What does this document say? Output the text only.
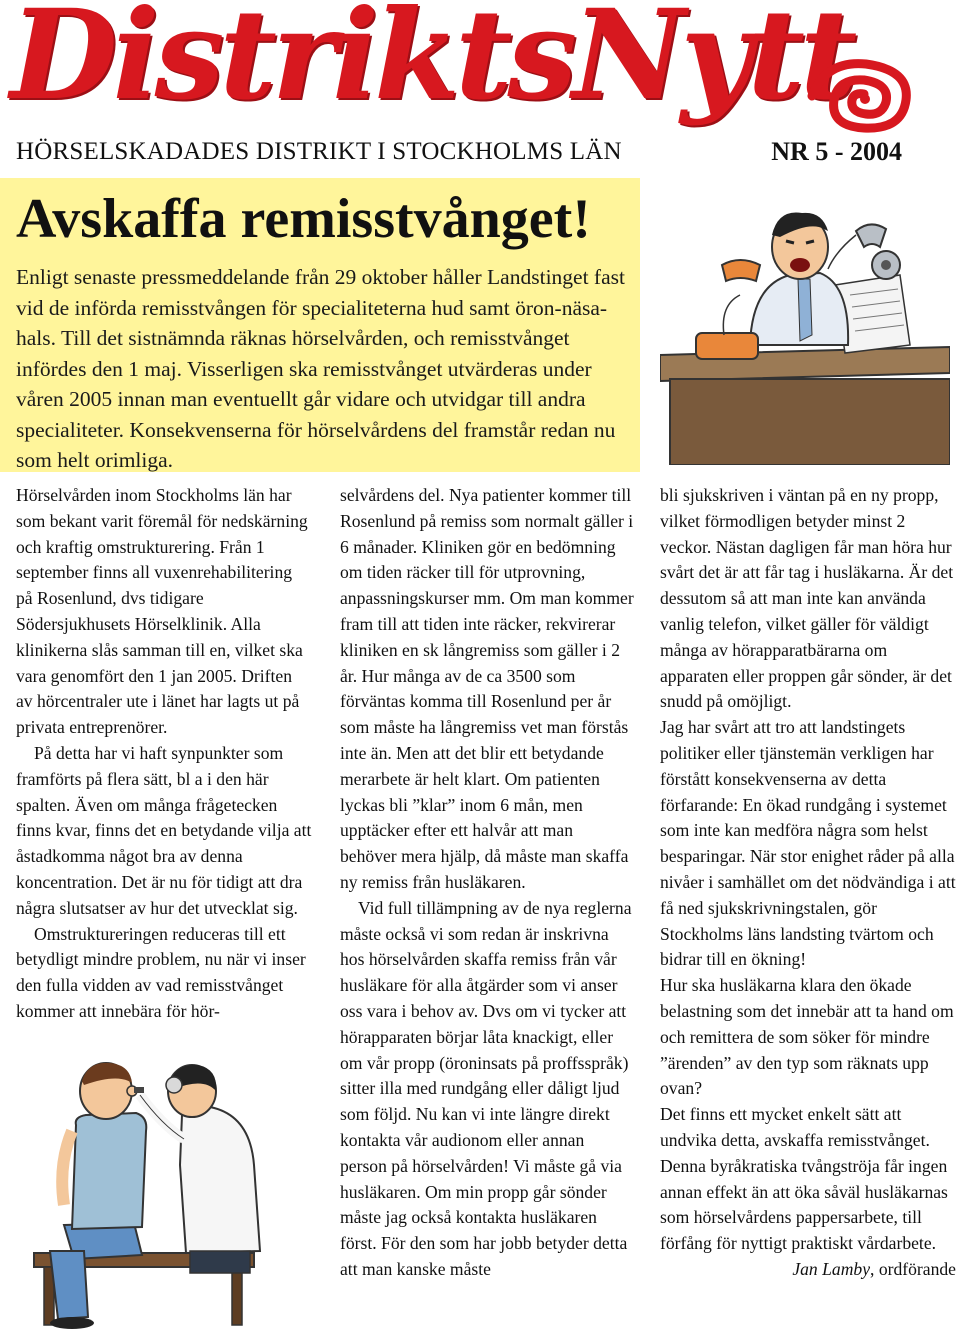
DistriktsNytt
HÖRSELSKADADES DISTRIKT I STOCKHOLMS LÄN	NR 5 - 2004
Avskaffa remisstvånget!
Enligt senaste pressmeddelande från 29 oktober håller Landstinget fast vid de införda remisstvången för specialiteterna hud samt öron-näsa-hals. Till det sistnämnda räknas hörselvården, och remisstvånget infördes den 1 maj. Visserligen ska remisstvånget utvärderas under våren 2005 innan man eventuellt går vidare och utvidgar till andra specialiteter. Konsekvenserna för hörselvårdens del framstår redan nu som helt orimliga.

Hörselvården inom Stockholms län har som bekant varit föremål för nedskärning och kraftig omstrukturering. Från 1 september finns all vuxenrehabilitering på Rosenlund, dvs tidigare Södersjukhusets Hörselklinik. Alla klinikerna slås samman till en, vilket ska vara genomfört den 1 jan 2005. Driften av hörcentraler ute i länet har lagts ut på privata entreprenörer.

På detta har vi haft synpunkter som framförts på flera sätt, bl a i den här spalten. Även om många frågetecken finns kvar, finns det en betydande vilja att åstadkomma något bra av denna koncentration. Det är nu för tidigt att dra några slutsatser av hur det utvecklat sig.

Omstruktureringen reduceras till ett betydligt mindre problem, nu när vi inser den fulla vidden av vad remisstvånget kommer att innebära för hör-

selvårdens del. Nya patienter kommer till Rosenlund på remiss som normalt gäller i 6 månader. Kliniken gör en bedömning om tiden räcker till för utprovning, anpassningskurser mm. Om man kommer fram till att tiden inte räcker, rekvirerar kliniken en sk långremiss som gäller i 2 år. Hur många av de ca 3500 som förväntas komma till Rosenlund per år som måste ha långremiss vet man förstås inte än. Men att det blir ett betydande merarbete är helt klart. Om patienten lyckas bli ”klar” inom 6 mån, men upptäcker efter ett halvår att man behöver mera hjälp, då måste man skaffa ny remiss från husläkaren.

Vid full tillämpning av de nya reglerna måste också vi som redan är inskrivna hos hörselvården skaffa remiss från vår husläkare för alla åtgärder som vi anser oss vara i behov av. Dvs om vi tycker att hörapparaten börjar låta knackigt, eller om vår propp (öroninsats på proffsspråk) sitter illa med rundgång eller dåligt ljud som följd. Nu kan vi inte längre direkt kontakta vår audionom eller annan person på hörselvården! Vi måste gå via husläkaren. Om min propp går sönder måste jag också kontakta husläkaren först. För den som har jobb betyder detta att man kanske måste

bli sjukskriven i väntan på en ny propp, vilket förmodligen betyder minst 2 veckor. Nästan dagligen får man höra hur svårt det är att får tag i husläkarna. Är det dessutom så att man inte kan använda vanlig telefon, vilket gäller för väldigt många av hörapparatbärarna om apparaten eller proppen går sönder, är det snudd på omöjligt.

Jag har svårt att tro att landstingets politiker eller tjänstemän verkligen har förstått konsekvenserna av detta förfarande: En ökad rundgång i systemet som inte kan medföra några som helst besparingar. När stor enighet råder på alla nivåer i samhället om det nödvändiga i att få ned sjukskrivningstalen, gör Stockholms läns landsting tvärtom och bidrar till en ökning!

Hur ska husläkarna klara den ökade belastning som det innebär att ta hand om och remittera de som söker för mindre ”ärenden” av den typ som räknats upp ovan?

Det finns ett mycket enkelt sätt att undvika detta, avskaffa remisstvånget. Denna byråkratiska tvångströja får ingen annan effekt än att öka såväl husläkarnas som hörselvårdens pappersarbete, till förfång för nyttigt praktiskt vårdarbete.

Jan Lamby, ordförande
